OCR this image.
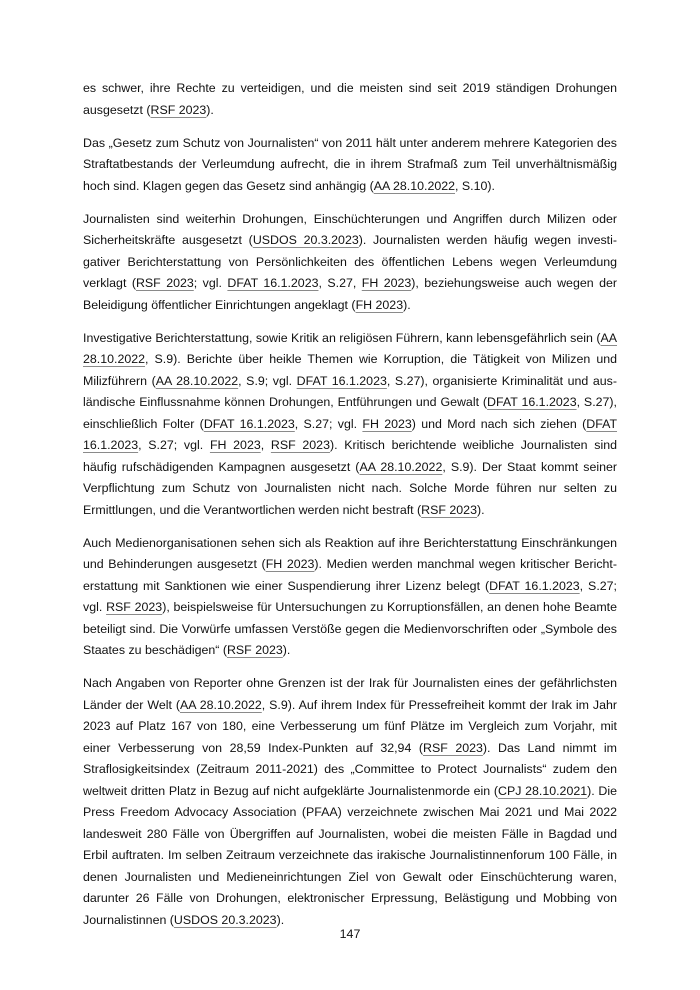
es schwer, ihre Rechte zu verteidigen, und die meisten sind seit 2019 ständigen Drohungen ausgesetzt (RSF 2023).

Das „Gesetz zum Schutz von Journalisten“ von 2011 hält unter anderem mehrere Kategorien des Straftatbestands der Verleumdung aufrecht, die in ihrem Strafmaß zum Teil unverhältnismäßig hoch sind. Klagen gegen das Gesetz sind anhängig (AA 28.10.2022, S.10).

Journalisten sind weiterhin Drohungen, Einschüchterungen und Angriffen durch Milizen oder Sicherheitskräfte ausgesetzt (USDOS 20.3.2023). Journalisten werden häufig wegen investigativer Berichterstattung von Persönlichkeiten des öffentlichen Lebens wegen Verleumdung verklagt (RSF 2023; vgl. DFAT 16.1.2023, S.27, FH 2023), beziehungsweise auch wegen der Beleidigung öffentlicher Einrichtungen angeklagt (FH 2023).

Investigative Berichterstattung, sowie Kritik an religiösen Führern, kann lebensgefährlich sein (AA 28.10.2022, S.9). Berichte über heikle Themen wie Korruption, die Tätigkeit von Milizen und Milizführern (AA 28.10.2022, S.9; vgl. DFAT 16.1.2023, S.27), organisierte Kriminalität und ausländische Einflussnahme können Drohungen, Entführungen und Gewalt (DFAT 16.1.2023, S.27), einschließlich Folter (DFAT 16.1.2023, S.27; vgl. FH 2023) und Mord nach sich ziehen (DFAT 16.1.2023, S.27; vgl. FH 2023, RSF 2023). Kritisch berichtende weibliche Journalisten sind häufig rufschädigenden Kampagnen ausgesetzt (AA 28.10.2022, S.9). Der Staat kommt seiner Verpflichtung zum Schutz von Journalisten nicht nach. Solche Morde führen nur selten zu Ermittlungen, und die Verantwortlichen werden nicht bestraft (RSF 2023).

Auch Medienorganisationen sehen sich als Reaktion auf ihre Berichterstattung Einschränkungen und Behinderungen ausgesetzt (FH 2023). Medien werden manchmal wegen kritischer Berichterstattung mit Sanktionen wie einer Suspendierung ihrer Lizenz belegt (DFAT 16.1.2023, S.27; vgl. RSF 2023), beispielsweise für Untersuchungen zu Korruptionsfällen, an denen hohe Beamte beteiligt sind. Die Vorwürfe umfassen Verstöße gegen die Medienvorschriften oder „Symbole des Staates zu beschädigen“ (RSF 2023).

Nach Angaben von Reporter ohne Grenzen ist der Irak für Journalisten eines der gefährlichsten Länder der Welt (AA 28.10.2022, S.9). Auf ihrem Index für Pressefreiheit kommt der Irak im Jahr 2023 auf Platz 167 von 180, eine Verbesserung um fünf Plätze im Vergleich zum Vorjahr, mit einer Verbesserung von 28,59 Index-Punkten auf 32,94 (RSF 2023). Das Land nimmt im Straflosigkeitsindex (Zeitraum 2011-2021) des „Committee to Protect Journalists“ zudem den weltweit dritten Platz in Bezug auf nicht aufgeklärte Journalistenmorde ein (CPJ 28.10.2021). Die Press Freedom Advocacy Association (PFAA) verzeichnete zwischen Mai 2021 und Mai 2022 landesweit 280 Fälle von Übergriffen auf Journalisten, wobei die meisten Fälle in Bagdad und Erbil auftraten. Im selben Zeitraum verzeichnete das irakische Journalistinnenforum 100 Fälle, in denen Journalisten und Medieneinrichtungen Ziel von Gewalt oder Einschüchterung waren, darunter 26 Fälle von Drohungen, elektronischer Erpressung, Belästigung und Mobbing von Journalistinnen (USDOS 20.3.2023).

147
